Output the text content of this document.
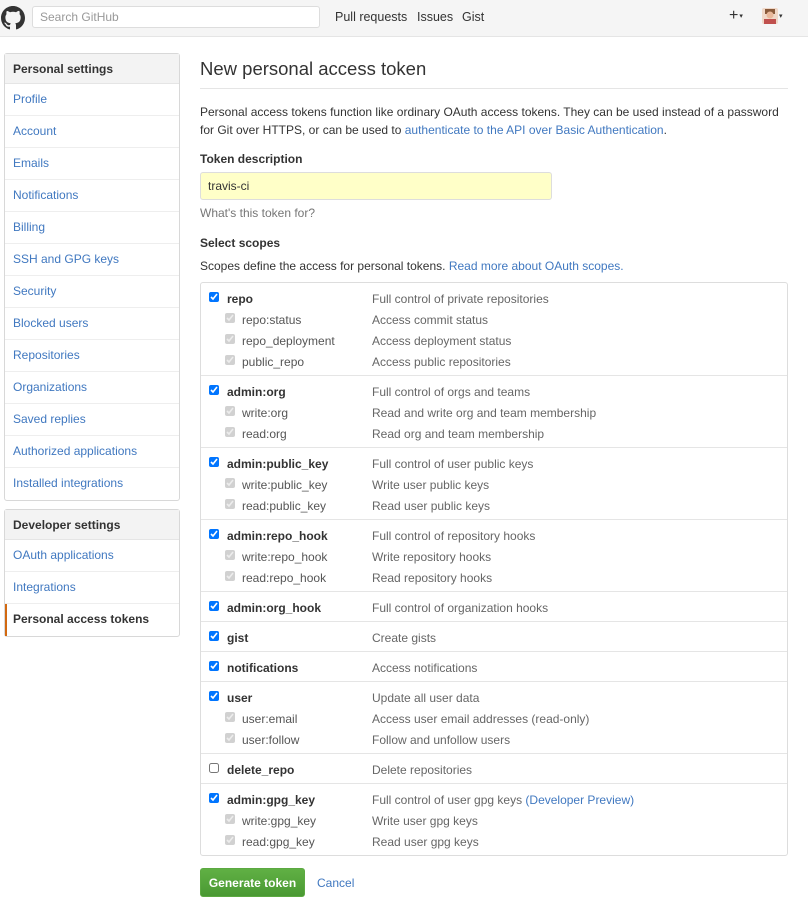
Search GitHub
Pull requests Issues Gist	+▾	▾
Personal settings
Profile
Account
Emails
Notifications
Billing
SSH and GPG keys
Security
Blocked users
Repositories
Organizations
Saved replies
Authorized applications
Installed integrations
Developer settings
OAuth applications
Integrations
Personal access tokens
New personal access token

Personal access tokens function like ordinary OAuth access tokens. They can be used instead of a password for Git over HTTPS, or can be used to authenticate to the API over Basic Authentication.

Token description
travis-ci

What's this token for?

Select scopes

Scopes define the access for personal tokens. Read more about OAuth scopes.

repo	Full control of private repositories
repo:status	Access commit status
repo_deployment	Access deployment status
public_repo	Access public repositories
admin:org	Full control of orgs and teams
write:org	Read and write org and team membership
read:org	Read org and team membership
admin:public_key	Full control of user public keys
write:public_key	Write user public keys
read:public_key	Read user public keys
admin:repo_hook	Full control of repository hooks
write:repo_hook	Write repository hooks
read:repo_hook	Read repository hooks
admin:org_hook	Full control of organization hooks
gist	Create gists
notifications	Access notifications
user	Update all user data
user:email	Access user email addresses (read-only)
user:follow	Follow and unfollow users
delete_repo	Delete repositories
admin:gpg_key	Full control of user gpg keys (Developer Preview)
write:gpg_key	Write user gpg keys
read:gpg_key	Read user gpg keys
Generate token	Cancel
